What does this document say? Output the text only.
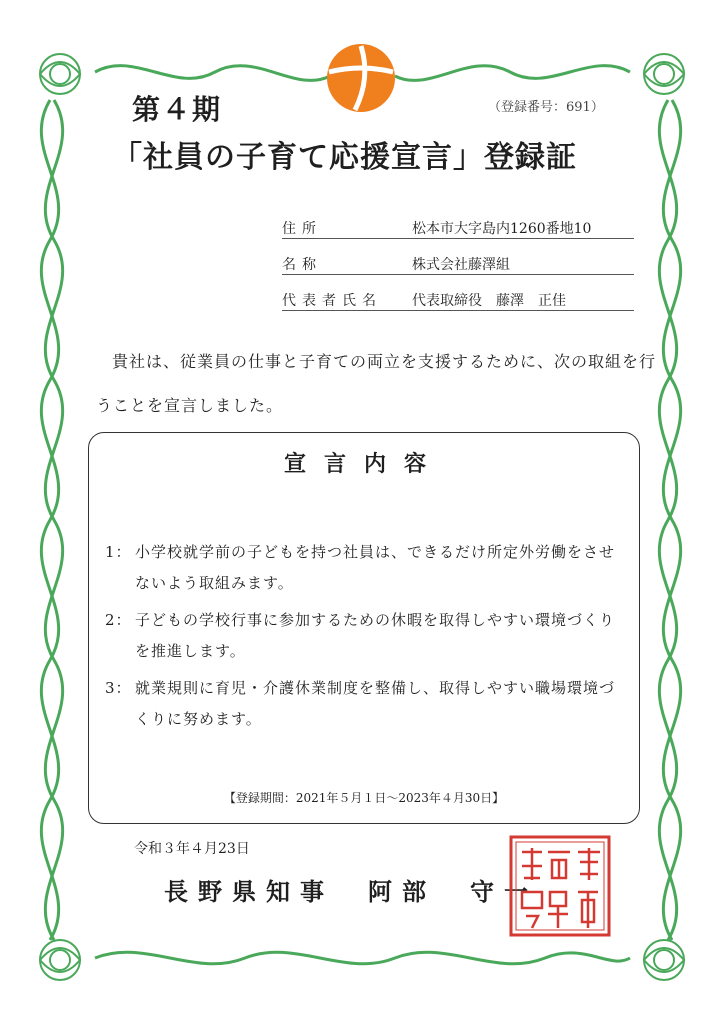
第４期	（登録番号：691）
「社員の子育て応援宣言」登録証
住所	松本市大字島内1260番地10
名称	株式会社藤澤組
代表者氏名 代表取締役　藤澤　正佳
貴社は、従業員の仕事と子育ての両立を支援するために、次の取組を行うことを宣言しました。
宣言内容
1： 小学校就学前の子どもを持つ社員は、できるだけ所定外労働をさせないよう取組みます。
2： 子どもの学校行事に参加するための休暇を取得しやすい環境づくりを推進します。
3： 就業規則に育児・介護休業制度を整備し、取得しやすい職場環境づくりに努めます。
【登録期間：2021年５月１日～2023年４月30日】
令和３年４月23日
長野県知事　阿部　守一
